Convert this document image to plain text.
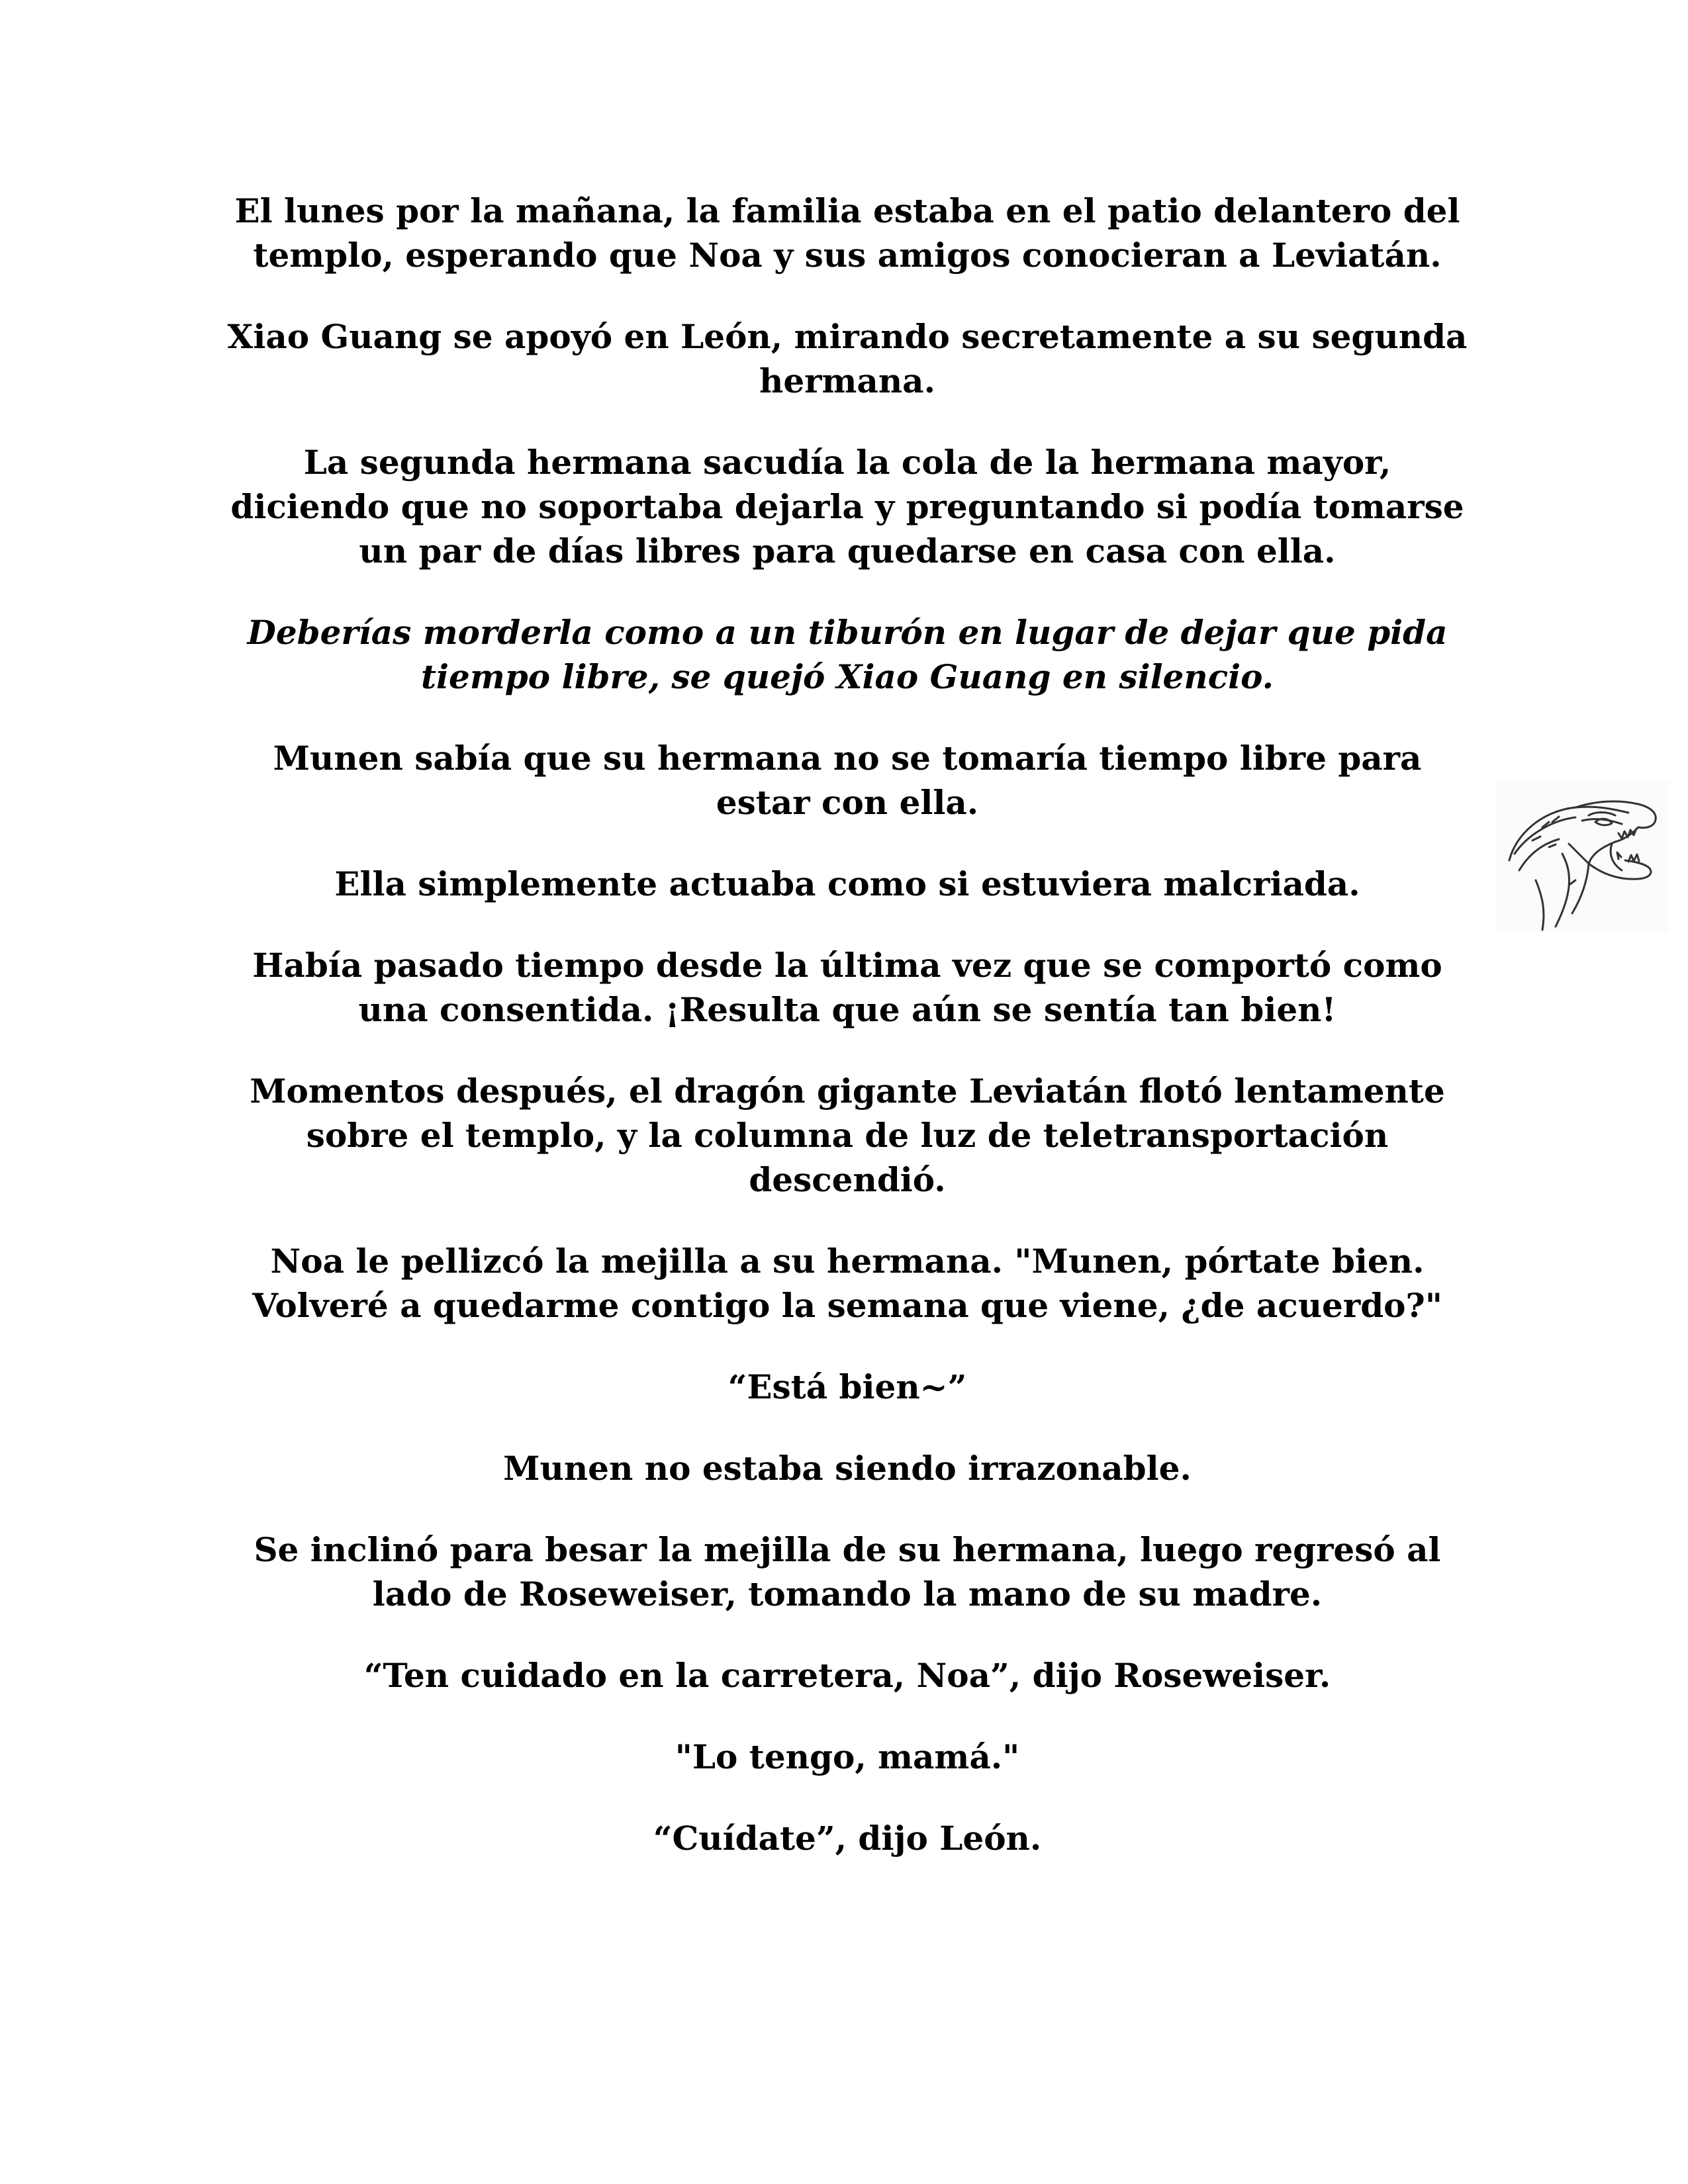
El lunes por la mañana, la familia estaba en el patio delantero del templo, esperando que Noa y sus amigos conocieran a Leviatán.

Xiao Guang se apoyó en León, mirando secretamente a su segunda hermana.

La segunda hermana sacudía la cola de la hermana mayor, diciendo que no soportaba dejarla y preguntando si podía tomarse un par de días libres para quedarse en casa con ella.

Deberías morderla como a un tiburón en lugar de dejar que pida tiempo libre, se quejó Xiao Guang en silencio.

Munen sabía que su hermana no se tomaría tiempo libre para estar con ella.

Ella simplemente actuaba como si estuviera malcriada.

Había pasado tiempo desde la última vez que se comportó como una consentida. ¡Resulta que aún se sentía tan bien!

Momentos después, el dragón gigante Leviatán flotó lentamente sobre el templo, y la columna de luz de teletransportación descendió.

Noa le pellizcó la mejilla a su hermana. "Munen, pórtate bien. Volveré a quedarme contigo la semana que viene, ¿de acuerdo?"

“Está bien~”

Munen no estaba siendo irrazonable.

Se inclinó para besar la mejilla de su hermana, luego regresó al lado de Roseweiser, tomando la mano de su madre.

“Ten cuidado en la carretera, Noa”, dijo Roseweiser.

"Lo tengo, mamá."

“Cuídate”, dijo León.
